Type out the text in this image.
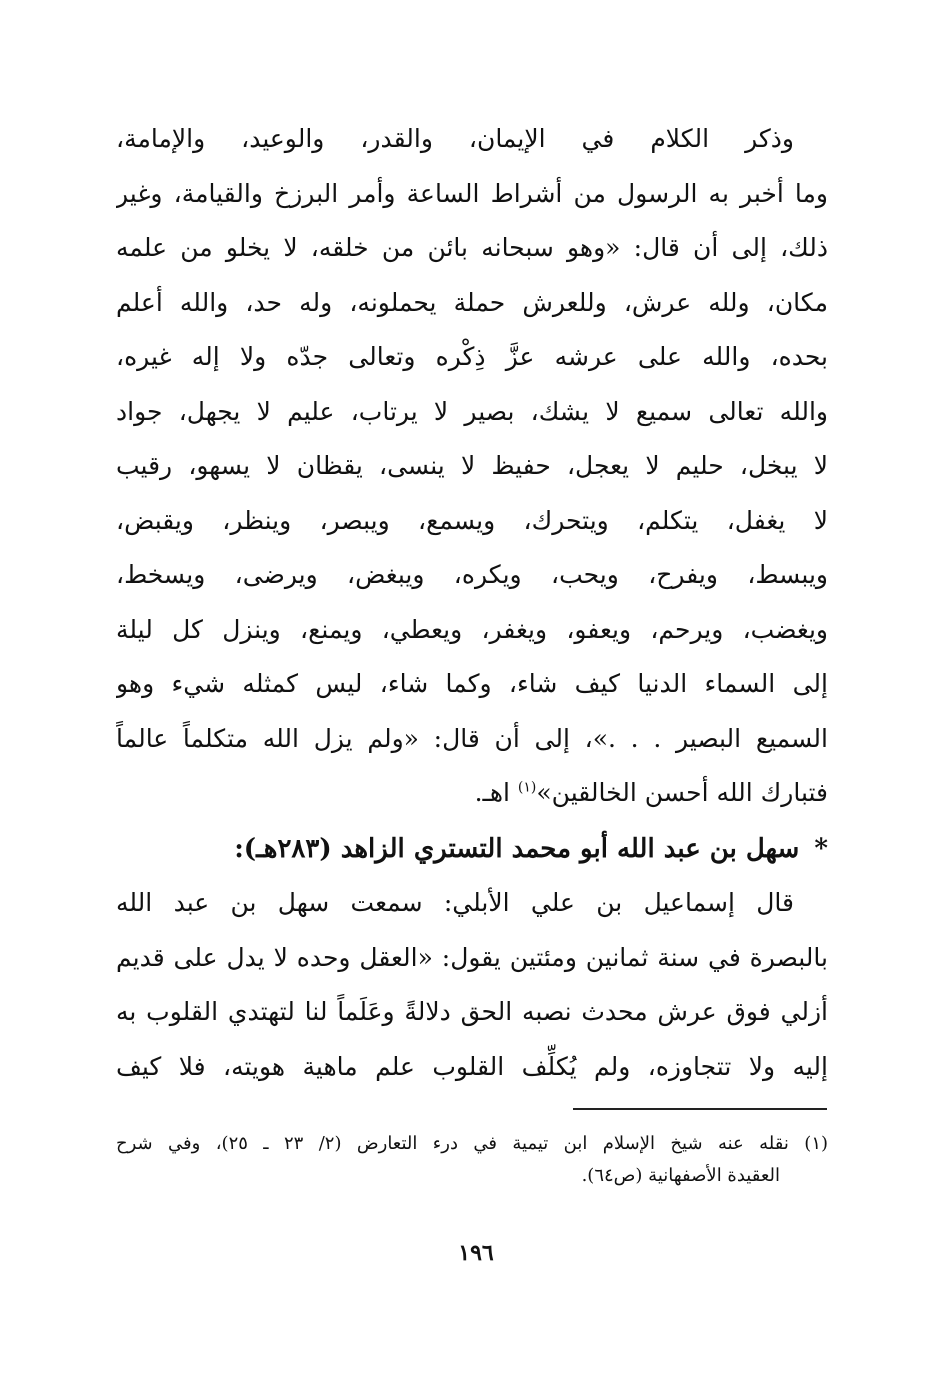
وذكر الكلام في الإيمان، والقدر، والوعيد، والإمامة،
وما أخبر به الرسول من أشراط الساعة وأمر البرزخ والقيامة، وغير
ذلك، إلى أن قال: «وهو سبحانه بائن من خلقه، لا يخلو من علمه
مكان، ولله عرش، وللعرش حملة يحملونه، وله حد، والله أعلم
بحده، والله على عرشه عزَّ ذِكْره وتعالى جدّه ولا إله غيره،
والله تعالى سميع لا يشك، بصير لا يرتاب، عليم لا يجهل، جواد
لا يبخل، حليم لا يعجل، حفيظ لا ينسى، يقظان لا يسهو، رقيب
لا يغفل، يتكلم، ويتحرك، ويسمع، ويبصر، وينظر، ويقبض،
ويبسط، ويفرح، ويحب، ويكره، ويبغض، ويرضى، ويسخط،
ويغضب، ويرحم، ويعفو، ويغفر، ويعطي، ويمنع، وينزل كل ليلة
إلى السماء الدنيا كيف شاء، وكما شاء، ليس كمثله شيء وهو
السميع البصير . . .»، إلى أن قال: «ولم يزل الله متكلماً عالماً
فتبارك الله أحسن الخالقين»$^{(١)}$ اهـ.
* سهل بن عبد الله أبو محمد التستري الزاهد (٢٨٣هـ):
قال إسماعيل بن علي الأبلي: سمعت سهل بن عبد الله
بالبصرة في سنة ثمانين ومئتين يقول: «العقل وحده لا يدل على قديم
أزلي فوق عرش محدث نصبه الحق دلالةً وعَلَماً لنا لتهتدي القلوب به
إليه ولا تتجاوزه، ولم يُكلِّف القلوب علم ماهية هويته، فلا كيف
(١) نقله عنه شيخ الإسلام ابن تيمية في درء التعارض (٢/ ٢٣ ـ ٢٥)، وفي شرح
العقيدة الأصفهانية (ص٦٤).
١٩٦
